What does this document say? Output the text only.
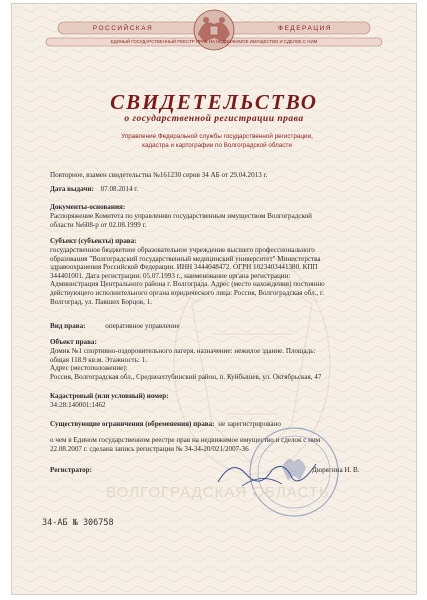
РОССИЙСКАЯ	ФЕДЕРАЦИЯ
ЕДИНЫЙ ГОСУДАРСТВЕННЫЙ РЕЕСТР ПРАВ НА НЕДВИЖИМОЕ ИМУЩЕСТВО И СДЕЛОК С НИМ
СВИДЕТЕЛЬСТВО
о государственной регистрации права
Управление Федеральной службы государственной регистрации,
кадастра и картографии по Волгоградской области
Повторное, взамен свидетельства №161230 серия 34 АБ от 29.04.2013 г.
Дата выдачи: 07.08.2014 г.
Документы-основания:
Распоряжение Комитета по управлению государственным имуществом Волгоградской
области №608-р от 02.08.1999 г.
Субъект (субъекты) права:
государственное бюджетное образовательное учреждение высшего профессионального
образования "Волгоградский государственный медицинский университет" Министерства
здравоохранения Российской Федерации. ИНН 3444048472. ОГРН 1023403441380. КПП
344401001. Дата регистрации: 05.07.1993 г., наименование органа регистрации:
Администрация Центрального района г. Волгограда. Адрес (место нахождения) постоянно
действующего исполнительного органа юридического лица: Россия, Волгоградская обл., г.
Волгоград, ул. Павших Борцов, 1.
Вид права:	оперативное управление
Объект права:
Домик №1 спортивно-оздоровительного лагеря, назначение: нежилое здание. Площадь:
общая 118.9 кв.м. Этажность: 1.
Адрес (местоположение):
Россия, Волгоградская обл., Среднеахтубинский район, п. Куйбышев, ул. Октябрьская, 47
Кадастровый (или условный) номер:
34:28:140001:1462
Существующие ограничения (обременения) права: не зарегистрировано
о чем в Едином государственном реестре прав на недвижимое имущество и сделок с ним
22.08.2007 г. сделана запись регистрации № 34-34-20/021/2007-36
Регистратор:	Дюрягина Н. В.
ВОЛГОГРАДСКАЯ ОБЛАСТЬ
34-АБ № 306758
